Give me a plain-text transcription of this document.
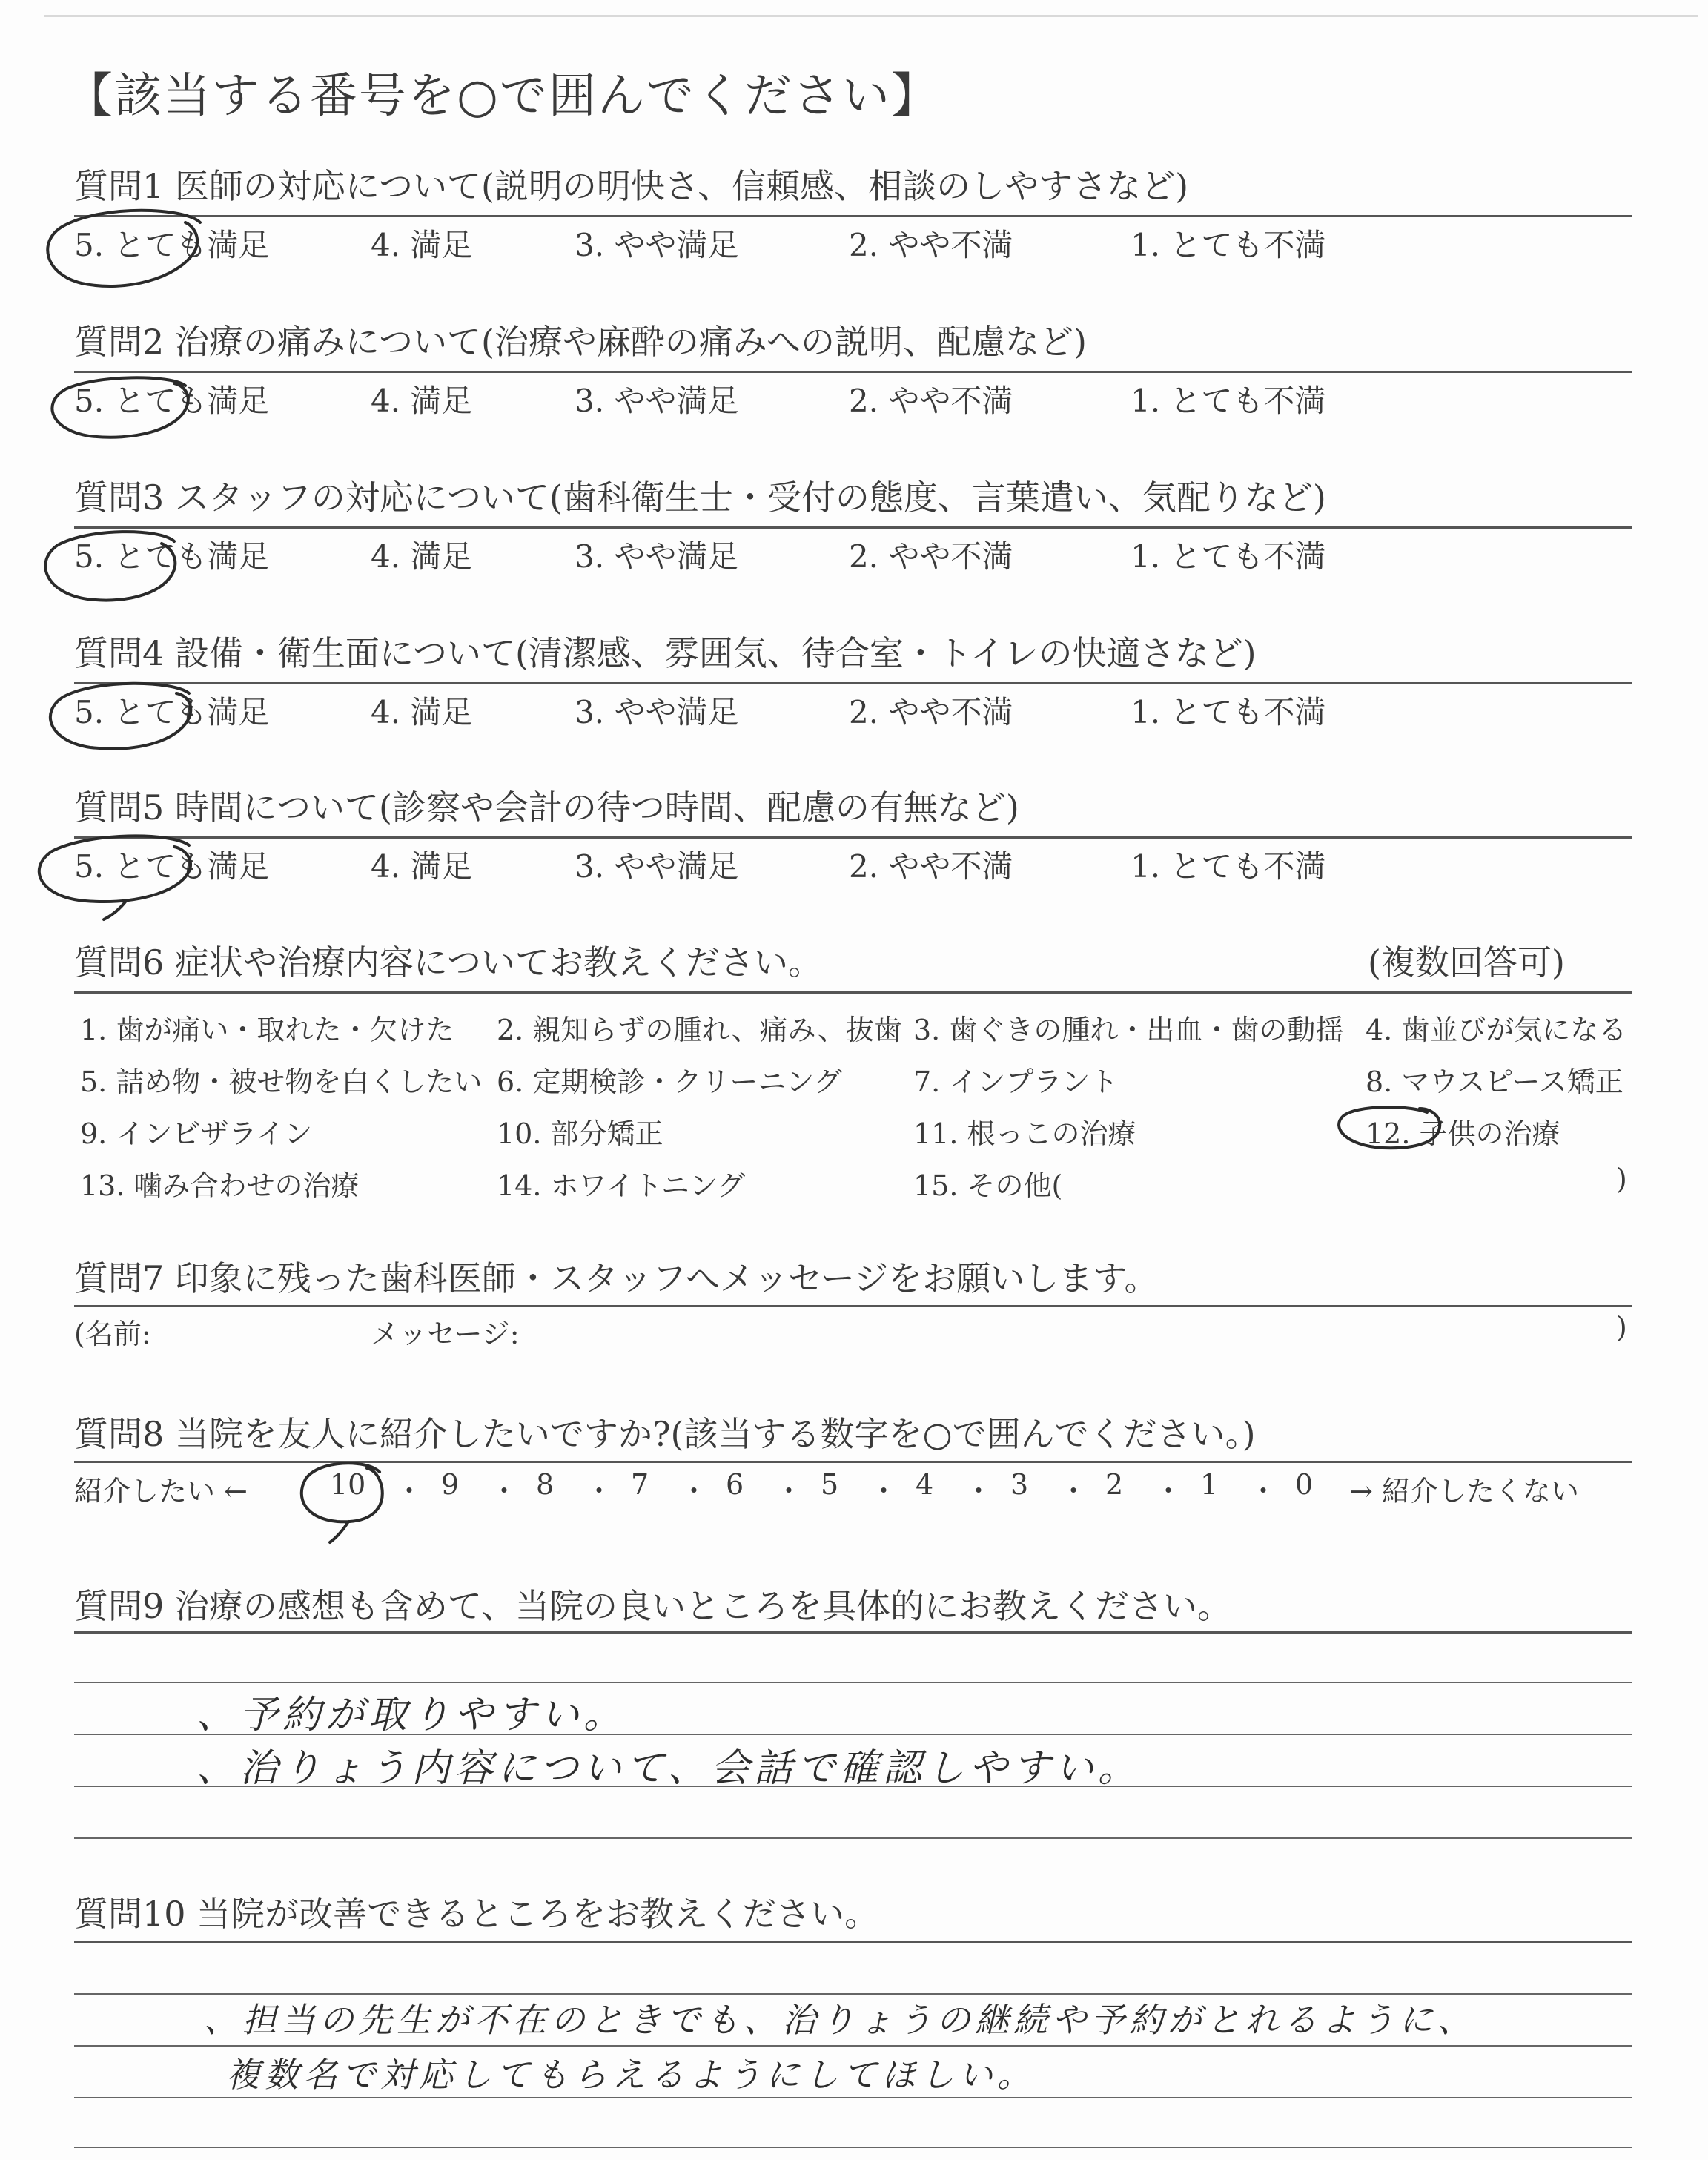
【該当する番号を○で囲んでください】
質問1 医師の対応について(説明の明快さ、信頼感、相談のしやすさなど)
5. とても満足	4. 満足	3. やや満足	2. やや不満	1. とても不満
質問2 治療の痛みについて(治療や麻酔の痛みへの説明、配慮など)
5. とても満足	4. 満足	3. やや満足	2. やや不満	1. とても不満
質問3 スタッフの対応について(歯科衛生士・受付の態度、言葉遣い、気配りなど)
5. とても満足	4. 満足	3. やや満足	2. やや不満	1. とても不満
質問4 設備・衛生面について(清潔感、雰囲気、待合室・トイレの快適さなど)
5. とても満足	4. 満足	3. やや満足	2. やや不満	1. とても不満
質問5 時間について(診察や会計の待つ時間、配慮の有無など)
5. とても満足	4. 満足	3. やや満足	2. やや不満	1. とても不満
質問6 症状や治療内容についてお教えください。	(複数回答可)
1. 歯が痛い・取れた・欠けた 2. 親知らずの腫れ、痛み、抜歯 3. 歯ぐきの腫れ・出血・歯の動揺 4. 歯並びが気になる
5. 詰め物・被せ物を白くしたい 6. 定期検診・クリーニング	7. インプラント	8. マウスピース矯正
9. インビザライン	10. 部分矯正	11. 根っこの治療	12. 子供の治療
13. 噛み合わせの治療	14. ホワイトニング	15. その他(	)
質問7 印象に残った歯科医師・スタッフへメッセージをお願いします。
(名前:	メッセージ:	)
質問8 当院を友人に紹介したいですか?(該当する数字を○で囲んでください。)
紹介したい ←	10	9	8	7	6	5	4	3	2	1	0 → 紹介したくない
・ ・ ・ ・ ・ ・ ・ ・ ・ ・
質問9 治療の感想も含めて、当院の良いところを具体的にお教えください。
、予約が取りやすい。
、治りょう内容について、会話で確認しやすい。
質問10 当院が改善できるところをお教えください。
、担当の先生が不在のときでも、治りょうの継続や予約がとれるように、
複数名で対応してもらえるようにしてほしい。
